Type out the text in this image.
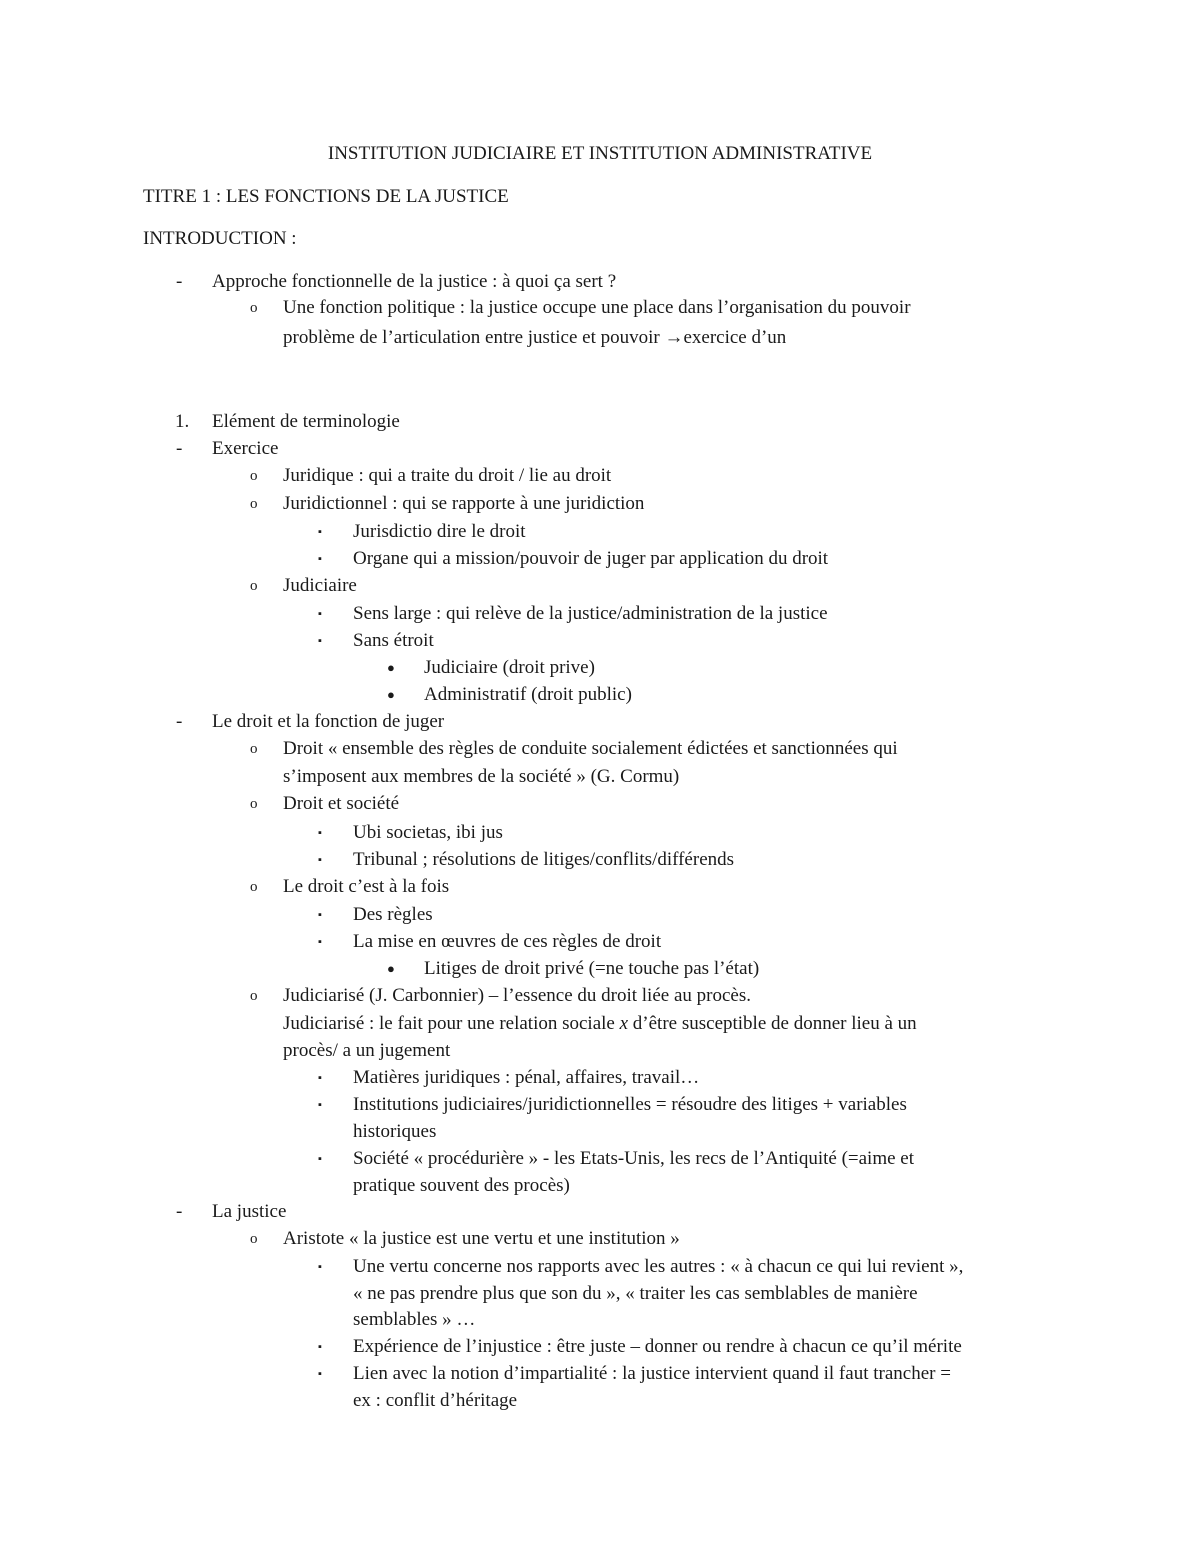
INSTITUTION JUDICIAIRE ET INSTITUTION ADMINISTRATIVE
TITRE 1 : LES FONCTIONS DE LA JUSTICE
INTRODUCTION :
- Approche fonctionnelle de la justice : à quoi ça sert ?
o Une fonction politique : la justice occupe une place dans l’organisation du pouvoir
problème de l’articulation entre justice et pouvoir →exercice d’un
1. Elément de terminologie
- Exercice
o Juridique : qui a traite du droit / lie au droit
o Juridictionnel : qui se rapporte à une juridiction
▪ Jurisdictio dire le droit
▪ Organe qui a mission/pouvoir de juger par application du droit
o Judiciaire
▪ Sens large : qui relève de la justice/administration de la justice
▪ Sans étroit
● Judiciaire (droit prive)
● Administratif (droit public)
- Le droit et la fonction de juger
o Droit « ensemble des règles de conduite socialement édictées et sanctionnées qui
s’imposent aux membres de la société » (G. Cormu)
o Droit et société
▪ Ubi societas, ibi jus
▪ Tribunal ; résolutions de litiges/conflits/différends
o Le droit c’est à la fois
▪ Des règles
▪ La mise en œuvres de ces règles de droit
● Litiges de droit privé (=ne touche pas l’état)
o Judiciarisé (J. Carbonnier) – l’essence du droit liée au procès.
Judiciarisé : le fait pour une relation sociale x d’être susceptible de donner lieu à un
procès/ a un jugement
▪ Matières juridiques : pénal, affaires, travail…
▪ Institutions judiciaires/juridictionnelles = résoudre des litiges + variables
historiques
▪ Société « procédurière » - les Etats-Unis, les recs de l’Antiquité (=aime et
pratique souvent des procès)
- La justice
o Aristote « la justice est une vertu et une institution »
▪ Une vertu concerne nos rapports avec les autres : « à chacun ce qui lui revient »,
« ne pas prendre plus que son du », « traiter les cas semblables de manière
semblables » …
▪ Expérience de l’injustice : être juste – donner ou rendre à chacun ce qu’il mérite
▪ Lien avec la notion d’impartialité : la justice intervient quand il faut trancher =
ex : conflit d’héritage
